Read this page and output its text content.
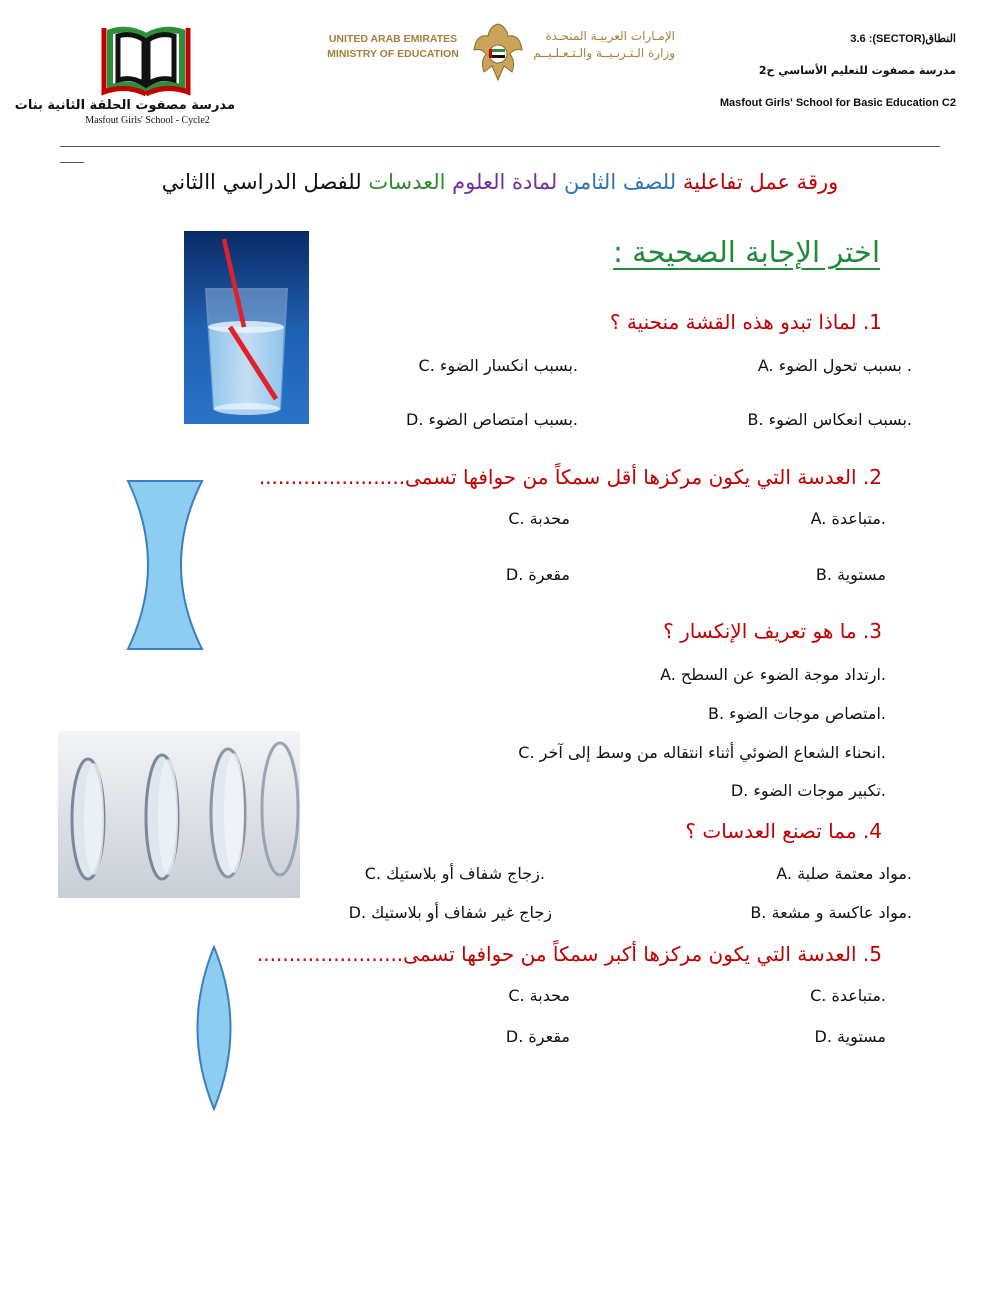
مدرسة مصفوت الحلقة الثانية بنات
Masfout Girls' School - Cycle2
UNITED ARAB EMIRATES
MINISTRY OF EDUCATION
الإمـارات العربيـة المتحـدة
وزارة الـتـربـيــة والـتـعـلـيــم
النطاق(SECTOR): 3.6
مدرسة مصفوت للتعليم الأساسي ح2
Masfout Girls' School for Basic Education C2
ورقة عمل تفاعلية للصف الثامن لمادة العلوم العدسات للفصل الدراسي االثاني
اختر الإجابة الصحيحة :
1. لماذا تبدو هذه القشة منحنية ؟
A. بسبب تحول الضوء .
C. بسبب انكسار الضوء.
B. بسبب انعكاس الضوء.
D. بسبب امتصاص الضوء.
2. العدسة التي يكون مركزها أقل سمكاً من حوافها تسمى.......................
A. متباعدة.
C. محدبة
B. مستوية
D. مقعرة
3. ما هو تعريف الإنكسار ؟
A. ارتداد موجة الضوء عن السطح.
B. امتصاص موجات الضوء.
C. انحناء الشعاع الضوئي أثناء انتقاله من وسط إلى آخر.
D. تكبير موجات الضوء.
4. مما تصنع العدسات ؟
A. مواد معتمة صلبة.
C. زجاج شفاف أو بلاستيك.
B. مواد عاكسة و مشعة.
D. زجاج غير شفاف أو بلاستيك
5. العدسة التي يكون مركزها أكبر سمكاً من حوافها تسمى.......................
C. متباعدة.
C. محدبة
D. مستوية
D. مقعرة
